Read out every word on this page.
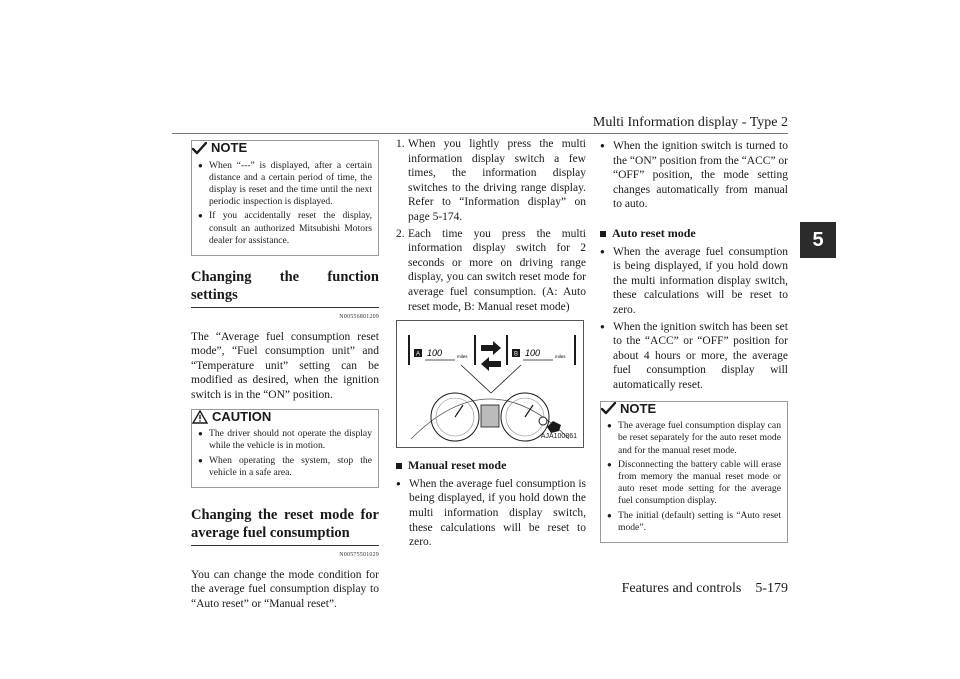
Multi Information display - Type 2
5
NOTE
● When “---” is displayed, after a certain distance and a certain period of time, the display is reset and the time until the next periodic inspection is displayed.
● If you accidentally reset the display, consult an authorized Mitsubishi Motors dealer for assistance.
Changing the function settings
N00556801209

The “Average fuel consumption reset mode”, “Fuel consumption unit” and “Temperature unit” setting can be modified as desired, when the ignition switch is in the “ON” position.

CAUTION
● The driver should not operate the display while the vehicle is in motion.
● When operating the system, stop the vehicle in a safe area.
Changing the reset mode for average fuel consumption
N00575501029

You can change the mode condition for the average fuel consumption display to “Auto reset” or “Manual reset”.

1. When you lightly press the multi information display switch a few times, the information display switches to the driving range display. Refer to “Information display” on page 5-174.
2. Each time you press the multi information display switch for 2 seconds or more on driving range display, you can switch reset mode for average fuel consumption. (A: Auto reset mode, B: Manual reset mode)
A 100	miles	B 100	miles
AJA100861
Manual reset mode
● When the average fuel consumption is being displayed, if you hold down the multi information display switch, these calculations will be reset to zero.
● When the ignition switch is turned to the “ON” position from the “ACC” or “OFF” position, the mode setting changes automatically from manual to auto.
Auto reset mode
● When the average fuel consumption is being displayed, if you hold down the multi information display switch, these calculations will be reset to zero.
● When the ignition switch has been set to the “ACC” or “OFF” position for about 4 hours or more, the average fuel consumption display will automatically reset.
NOTE
● The average fuel consumption display can be reset separately for the auto reset mode and for the manual reset mode.
● Disconnecting the battery cable will erase from memory the manual reset mode or auto reset mode setting for the average fuel consumption display.
● The initial (default) setting is “Auto reset mode”.
Features and controls 5-179
